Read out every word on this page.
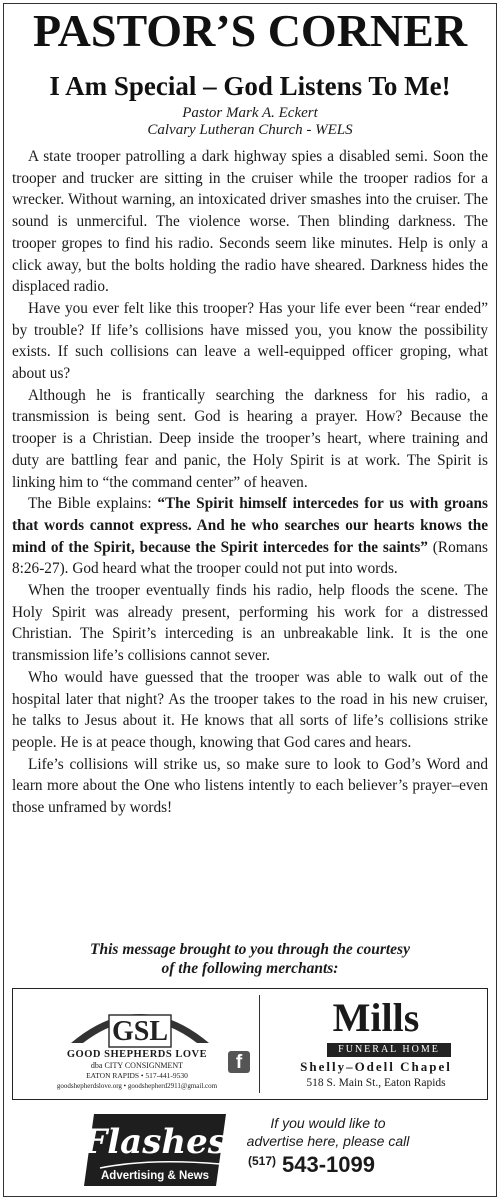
PASTOR’S CORNER
I Am Special – God Listens To Me!
Pastor Mark A. Eckert
Calvary Lutheran Church - WELS

A state trooper patrolling a dark highway spies a disabled semi. Soon the trooper and trucker are sitting in the cruiser while the trooper radios for a wrecker. Without warning, an intoxicated driver smashes into the cruiser. The sound is unmerciful. The violence worse. Then blinding darkness. The trooper gropes to find his radio. Seconds seem like minutes. Help is only a click away, but the bolts holding the radio have sheared. Darkness hides the displaced radio.

Have you ever felt like this trooper? Has your life ever been “rear ended” by trouble? If life’s collisions have missed you, you know the possibility exists. If such collisions can leave a well-equipped officer groping, what about us?

Although he is frantically searching the darkness for his radio, a transmission is being sent. God is hearing a prayer. How? Because the trooper is a Christian. Deep inside the trooper’s heart, where training and duty are battling fear and panic, the Holy Spirit is at work. The Spirit is linking him to “the command center” of heaven.

The Bible explains: “The Spirit himself intercedes for us with groans that words cannot express. And he who searches our hearts knows the mind of the Spirit, because the Spirit intercedes for the saints” (Romans 8:26-27). God heard what the trooper could not put into words.

When the trooper eventually finds his radio, help floods the scene. The Holy Spirit was already present, performing his work for a distressed Christian. The Spirit’s interceding is an unbreakable link. It is the one transmission life’s collisions cannot sever.

Who would have guessed that the trooper was able to walk out of the hospital later that night? As the trooper takes to the road in his new cruiser, he talks to Jesus about it. He knows that all sorts of life’s collisions strike people. He is at peace though, knowing that God cares and hears.

Life’s collisions will strike us, so make sure to look to God’s Word and learn more about the One who listens intently to each believer’s prayer–even those unframed by words!

This message brought to you through the courtesy
of the following merchants:
GSL
GOOD SHEPHERDS LOVE
dba CITY CONSIGNMENT
EATON RAPIDS • 517-441-9530
goodshepherdslove.org • goodshepherd2911@gmail.com
f
Mills
FUNERAL HOME
Shelly–Odell Chapel
518 S. Main St., Eaton Rapids
Flashes
Advertising & News
If you would like to
advertise here, please call
$^{(517)}$ 543-1099
